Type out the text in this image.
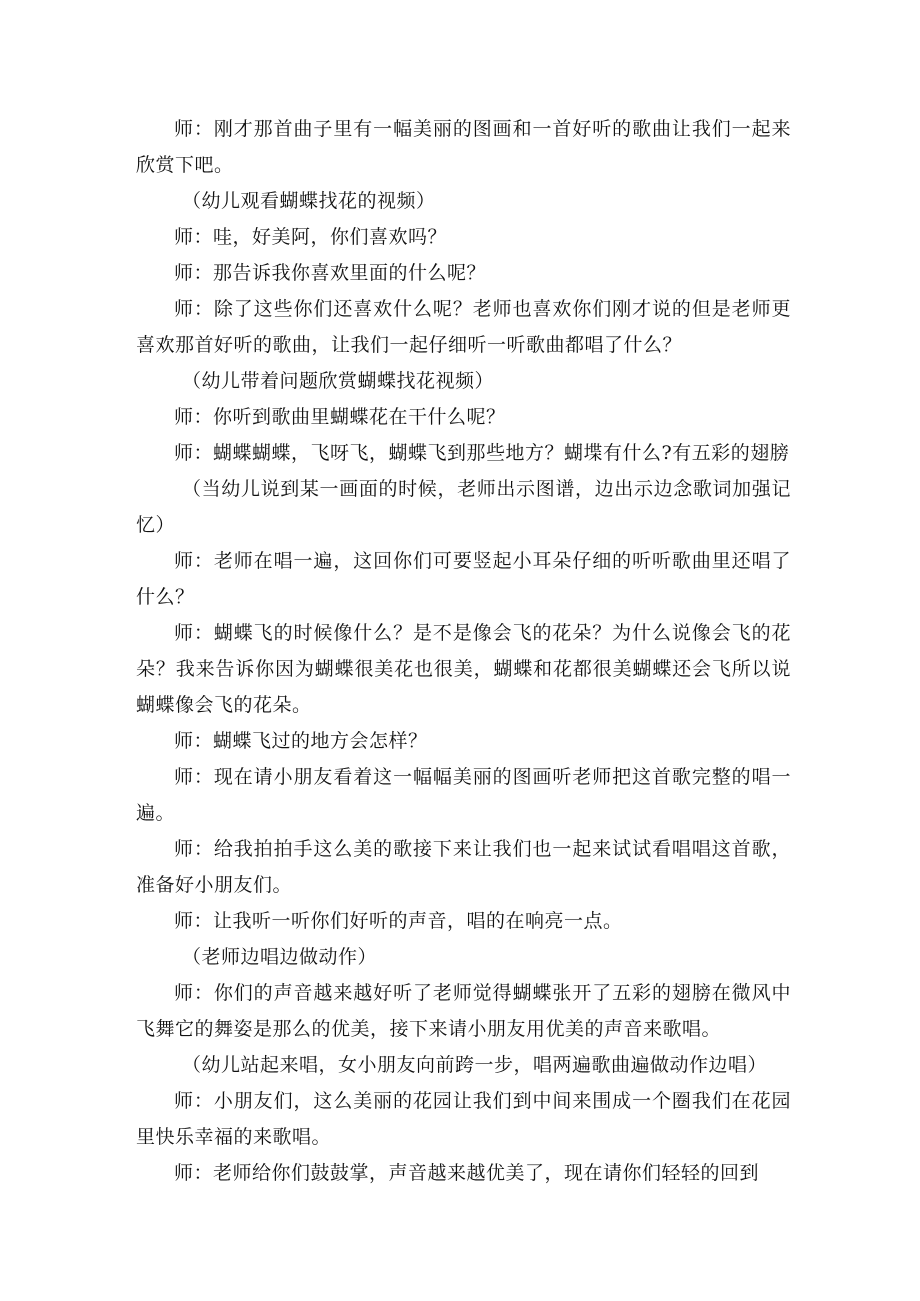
师：刚才那首曲子里有一幅美丽的图画和一首好听的歌曲让我们一起来欣赏下吧。

（幼儿观看蝴蝶找花的视频）

师：哇，好美阿，你们喜欢吗？

师：那告诉我你喜欢里面的什么呢？

师：除了这些你们还喜欢什么呢？老师也喜欢你们刚才说的但是老师更喜欢那首好听的歌曲，让我们一起仔细听一听歌曲都唱了什么？

（幼儿带着问题欣赏蝴蝶找花视频）

师：你听到歌曲里蝴蝶花在干什么呢？

师：蝴蝶蝴蝶，飞呀飞，蝴蝶飞到那些地方？蝴堞有什么?有五彩的翅膀

（当幼儿说到某一画面的时候，老师出示图谱，边出示边念歌词加强记忆）

师：老师在唱一遍，这回你们可要竖起小耳朵仔细的听听歌曲里还唱了什么？

师：蝴蝶飞的时候像什么？是不是像会飞的花朵？为什么说像会飞的花朵？我来告诉你因为蝴蝶很美花也很美，蝴蝶和花都很美蝴蝶还会飞所以说蝴蝶像会飞的花朵。

师：蝴蝶飞过的地方会怎样？

师：现在请小朋友看着这一幅幅美丽的图画听老师把这首歌完整的唱一遍。

师：给我拍拍手这么美的歌接下来让我们也一起来试试看唱唱这首歌，准备好小朋友们。

师：让我听一听你们好听的声音，唱的在响亮一点。

（老师边唱边做动作）

师：你们的声音越来越好听了老师觉得蝴蝶张开了五彩的翅膀在微风中飞舞它的舞姿是那么的优美，接下来请小朋友用优美的声音来歌唱。

（幼儿站起来唱，女小朋友向前跨一步，唱两遍歌曲遍做动作边唱）

师：小朋友们，这么美丽的花园让我们到中间来围成一个圈我们在花园里快乐幸福的来歌唱。

师：老师给你们鼓鼓掌，声音越来越优美了，现在请你们轻轻的回到
